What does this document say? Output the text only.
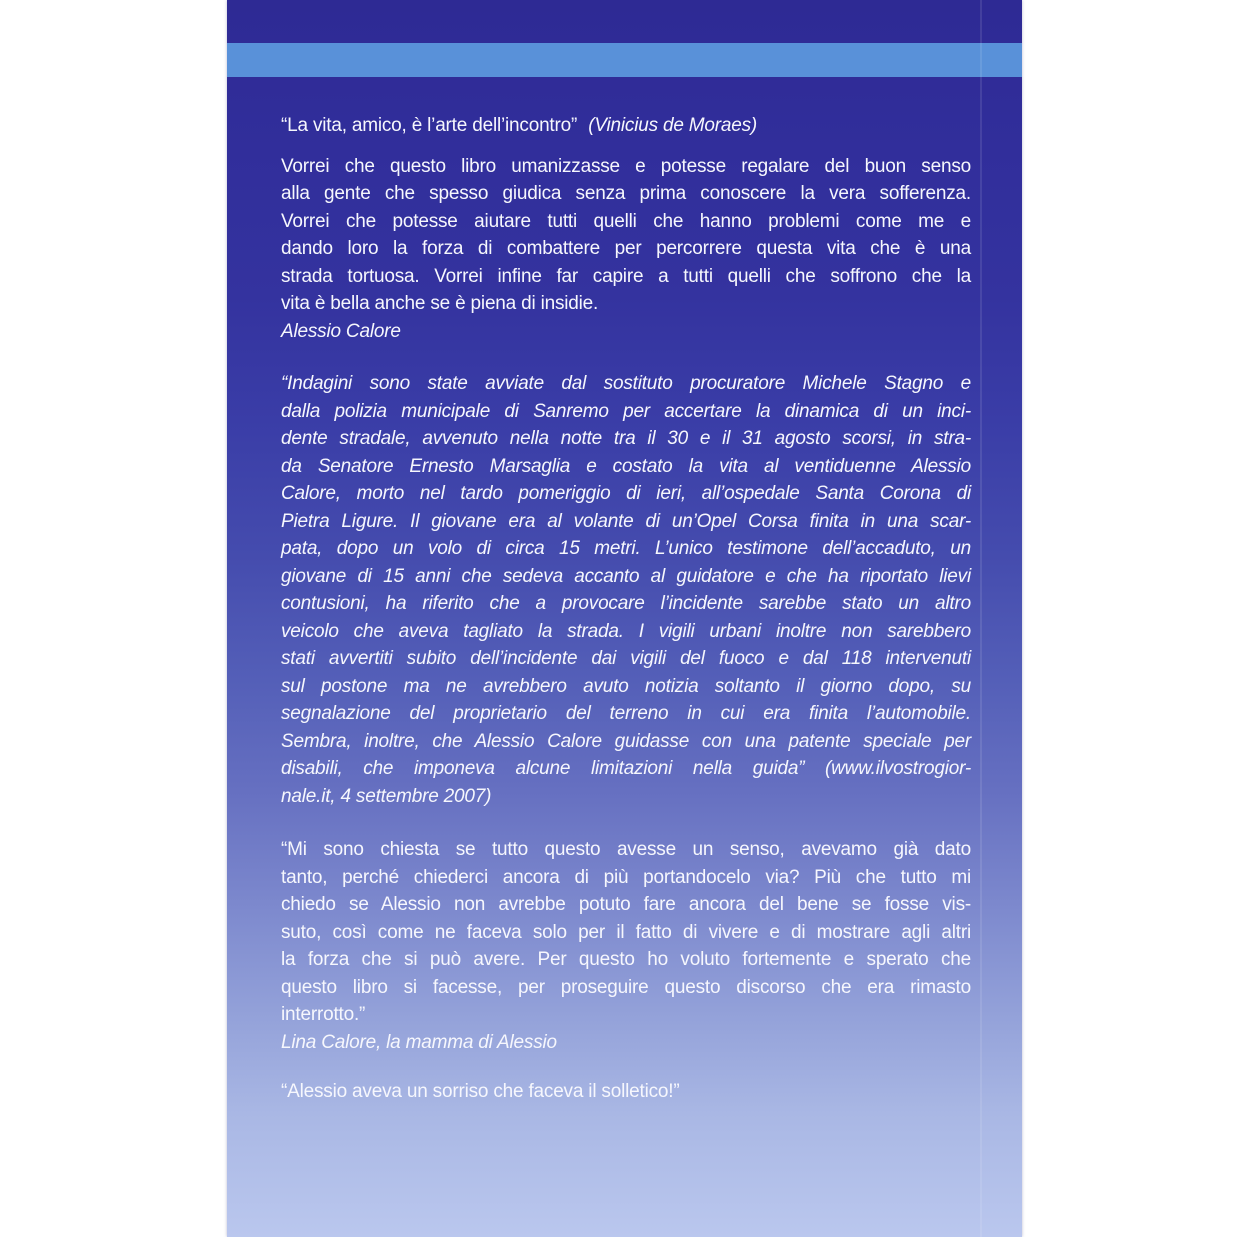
“La vita, amico, è l’arte dell’incontro” (Vinicius de Moraes)
Vorrei che questo libro umanizzasse e potesse regalare del buon senso
alla gente che spesso giudica senza prima conoscere la vera sofferenza.
Vorrei che potesse aiutare tutti quelli che hanno problemi come me e
dando loro la forza di combattere per percorrere questa vita che è una
strada tortuosa. Vorrei infine far capire a tutti quelli che soffrono che la
vita è bella anche se è piena di insidie.
Alessio Calore
“Indagini sono state avviate dal sostituto procuratore Michele Stagno e
dalla polizia municipale di Sanremo per accertare la dinamica di un inci-
dente stradale, avvenuto nella notte tra il 30 e il 31 agosto scorsi, in stra-
da Senatore Ernesto Marsaglia e costato la vita al ventiduenne Alessio
Calore, morto nel tardo pomeriggio di ieri, all’ospedale Santa Corona di
Pietra Ligure. Il giovane era al volante di un’Opel Corsa finita in una scar-
pata, dopo un volo di circa 15 metri. L’unico testimone dell’accaduto, un
giovane di 15 anni che sedeva accanto al guidatore e che ha riportato lievi
contusioni, ha riferito che a provocare l’incidente sarebbe stato un altro
veicolo che aveva tagliato la strada. I vigili urbani inoltre non sarebbero
stati avvertiti subito dell’incidente dai vigili del fuoco e dal 118 intervenuti
sul postone ma ne avrebbero avuto notizia soltanto il giorno dopo, su
segnalazione del proprietario del terreno in cui era finita l’automobile.
Sembra, inoltre, che Alessio Calore guidasse con una patente speciale per
disabili, che imponeva alcune limitazioni nella guida” (www.ilvostrogior-
nale.it, 4 settembre 2007)
“Mi sono chiesta se tutto questo avesse un senso, avevamo già dato
tanto, perché chiederci ancora di più portandocelo via? Più che tutto mi
chiedo se Alessio non avrebbe potuto fare ancora del bene se fosse vis-
suto, così come ne faceva solo per il fatto di vivere e di mostrare agli altri
la forza che si può avere. Per questo ho voluto fortemente e sperato che
questo libro si facesse, per proseguire questo discorso che era rimasto
interrotto.”
Lina Calore, la mamma di Alessio
“Alessio aveva un sorriso che faceva il solletico!”
